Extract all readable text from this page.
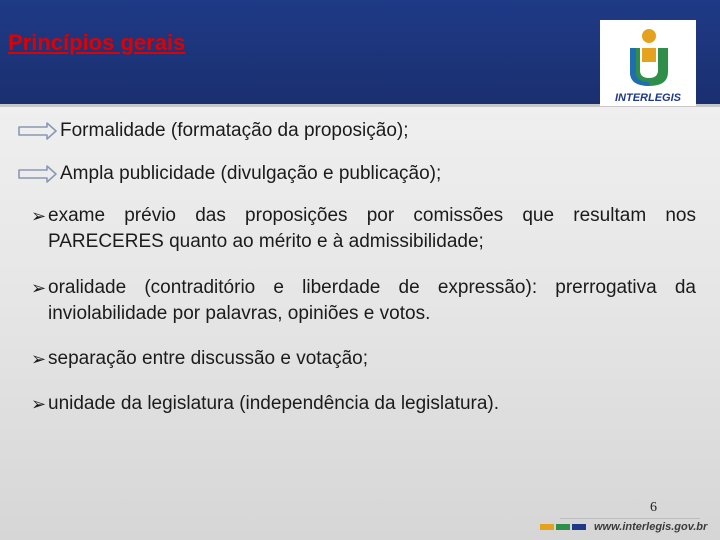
Princípios gerais
INTERLEGIS
Formalidade (formatação da proposição);
Ampla publicidade (divulgação e publicação);
➢ exame prévio das proposições por comissões que resultam nos PARECERES quanto ao mérito e à admissibilidade;
➢ oralidade (contraditório e liberdade de expressão): prerrogativa da inviolabilidade por palavras, opiniões e votos.
➢ separação entre discussão e votação;
➢ unidade da legislatura (independência da legislatura).
6
www.interlegis.gov.br
